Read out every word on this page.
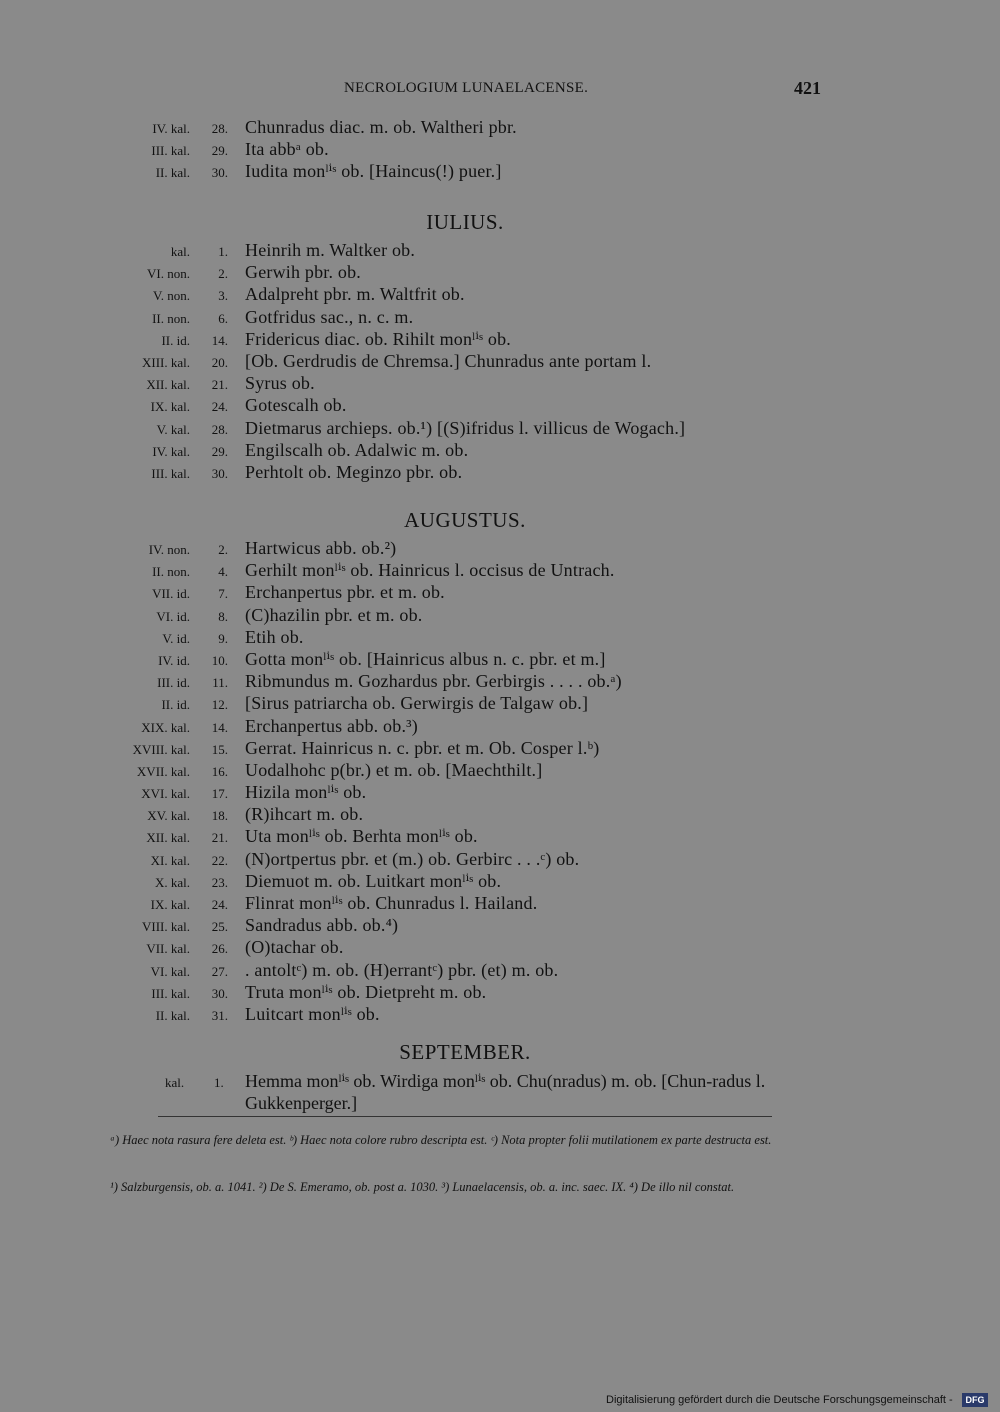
NECROLOGIUM LUNAELACENSE.	421
IV. kal. 28. Chunradus diac. m. ob. Waltheri pbr.
III. kal. 29. Ita abbᵃ ob.
II. kal. 30. Iudita monˡⁱˢ ob. [Haincus(!) puer.]
IULIUS.
kal. 1. Heinrih m. Waltker ob.
VI. non. 2. Gerwih pbr. ob.
V. non. 3. Adalpreht pbr. m. Waltfrit ob.
II. non. 6. Gotfridus sac., n. c. m.
II. id. 14. Fridericus diac. ob. Rihilt monˡⁱˢ ob.
XIII. kal. 20. [Ob. Gerdrudis de Chremsa.] Chunradus ante portam l.
XII. kal. 21. Syrus ob.
IX. kal. 24. Gotescalh ob.
V. kal. 28. Dietmarus archieps. ob.¹) [(S)ifridus l. villicus de Wogach.]
IV. kal. 29. Engilscalh ob. Adalwic m. ob.
III. kal. 30. Perhtolt ob. Meginzo pbr. ob.
AUGUSTUS.
IV. non. 2. Hartwicus abb. ob.²)
II. non. 4. Gerhilt monˡⁱˢ ob. Hainricus l. occisus de Untrach.
VII. id. 7. Erchanpertus pbr. et m. ob.
VI. id. 8. (C)hazilin pbr. et m. ob.
V. id. 9. Etih ob.
IV. id. 10. Gotta monˡⁱˢ ob. [Hainricus albus n. c. pbr. et m.]
III. id. 11. Ribmundus m. Gozhardus pbr. Gerbirgis . . . . ob.ᵃ)
II. id. 12. [Sirus patriarcha ob. Gerwirgis de Talgaw ob.]
XIX. kal. 14. Erchanpertus abb. ob.³)
XVIII. kal. 15. Gerrat. Hainricus n. c. pbr. et m. Ob. Cosper l.ᵇ)
XVII. kal. 16. Uodalhohc p(br.) et m. ob. [Maechthilt.]
XVI. kal. 17. Hizila monˡⁱˢ ob.
XV. kal. 18. (R)ihcart m. ob.
XII. kal. 21. Uta monˡⁱˢ ob. Berhta monˡⁱˢ ob.
XI. kal. 22. (N)ortpertus pbr. et (m.) ob. Gerbirc . . .ᶜ) ob.
X. kal. 23. Diemuot m. ob. Luitkart monˡⁱˢ ob.
IX. kal. 24. Flinrat monˡⁱˢ ob. Chunradus l. Hailand.
VIII. kal. 25. Sandradus abb. ob.⁴)
VII. kal. 26. (O)tachar ob.
VI. kal. 27. . antoltᶜ) m. ob. (H)errantᶜ) pbr. (et) m. ob.
III. kal. 30. Truta monˡⁱˢ ob. Dietpreht m. ob.
II. kal. 31. Luitcart monˡⁱˢ ob.
SEPTEMBER.
kal. 1. Hemma monˡⁱˢ ob. Wirdiga monˡⁱˢ ob. Chu(nradus) m. ob. [Chun-radus l. Gukkenperger.]
ᵃ) Haec nota rasura fere deleta est. ᵇ) Haec nota colore rubro descripta est. ᶜ) Nota propter folii mutilationem ex parte destructa est.
¹) Salzburgensis, ob. a. 1041. ²) De S. Emeramo, ob. post a. 1030. ³) Lunaelacensis, ob. a. inc. saec. IX. ⁴) De illo nil constat.
Digitalisierung gefördert durch die Deutsche Forschungsgemeinschaft -	DFG
